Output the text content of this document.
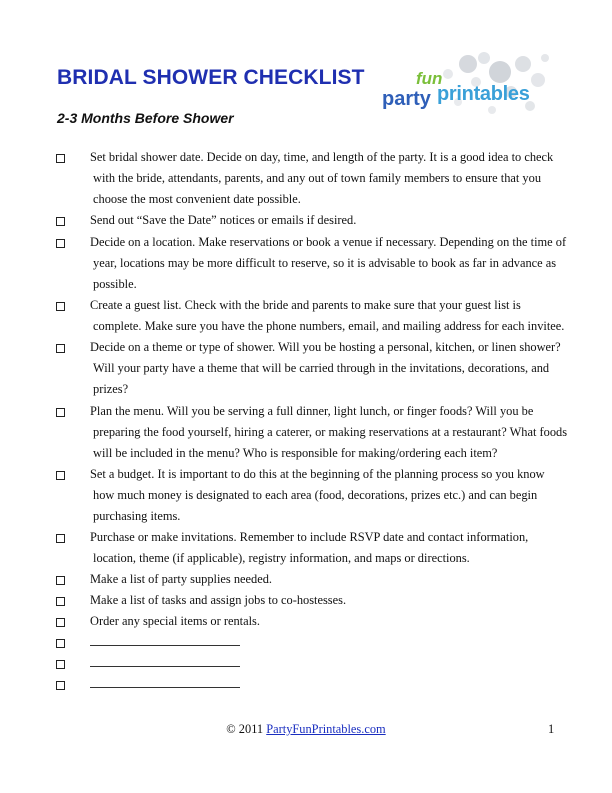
BRIDAL SHOWER CHECKLIST
2-3 Months Before Shower
party
fun
printables
Set bridal shower date. Decide on day, time, and length of the party. It is a good idea to check
with the bride, attendants, parents, and any out of town family members to ensure that you
choose the most convenient date possible.
Send out “Save the Date” notices or emails if desired.
Decide on a location. Make reservations or book a venue if necessary. Depending on the time of
year, locations may be more difficult to reserve, so it is advisable to book as far in advance as
possible.
Create a guest list. Check with the bride and parents to make sure that your guest list is
complete. Make sure you have the phone numbers, email, and mailing address for each invitee.
Decide on a theme or type of shower. Will you be hosting a personal, kitchen, or linen shower?
Will your party have a theme that will be carried through in the invitations, decorations, and
prizes?
Plan the menu. Will you be serving a full dinner, light lunch, or finger foods? Will you be
preparing the food yourself, hiring a caterer, or making reservations at a restaurant? What foods
will be included in the menu? Who is responsible for making/ordering each item?
Set a budget. It is important to do this at the beginning of the planning process so you know
how much money is designated to each area (food, decorations, prizes etc.) and can begin
purchasing items.
Purchase or make invitations. Remember to include RSVP date and contact information,
location, theme (if applicable), registry information, and maps or directions.
Make a list of party supplies needed.
Make a list of tasks and assign jobs to co-hostesses.
Order any special items or rentals.
© 2011 PartyFunPrintables.com	1
